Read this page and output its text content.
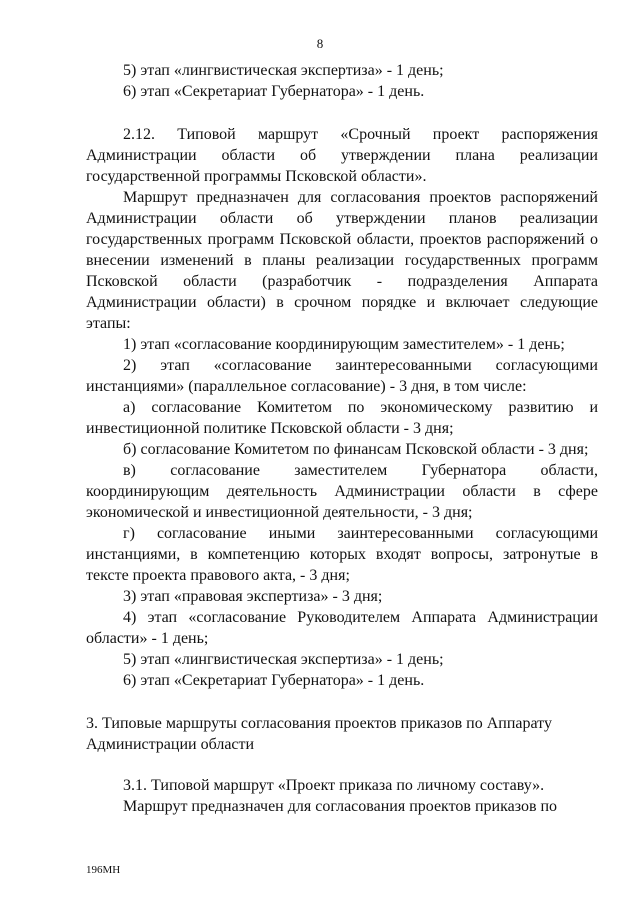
8

5) этап «лингвистическая экспертиза» - 1 день;

6) этап «Секретариат Губернатора» - 1 день.

2.12. Типовой маршрут «Срочный проект распоряжения Администрации области об утверждении плана реализации государственной программы Псковской области».

Маршрут предназначен для согласования проектов распоряжений Администрации области об утверждении планов реализации государственных программ Псковской области, проектов распоряжений о внесении изменений в планы реализации государственных программ Псковской области (разработчик - подразделения Аппарата Администрации области) в срочном порядке и включает следующие этапы:

1) этап «согласование координирующим заместителем» - 1 день;

2) этап «согласование заинтересованными согласующими инстанциями» (параллельное согласование) - 3 дня, в том числе:

а) согласование Комитетом по экономическому развитию и инвестиционной политике Псковской области - 3 дня;

б) согласование Комитетом по финансам Псковской области - 3 дня;

в) согласование заместителем Губернатора области, координирующим деятельность Администрации области в сфере экономической и инвестиционной деятельности, - 3 дня;

г) согласование иными заинтересованными согласующими инстанциями, в компетенцию которых входят вопросы, затронутые в тексте проекта правового акта, - 3 дня;

3) этап «правовая экспертиза» - 3 дня;

4) этап «согласование Руководителем Аппарата Администрации области» - 1 день;

5) этап «лингвистическая экспертиза» - 1 день;

6) этап «Секретариат Губернатора» - 1 день.

3. Типовые маршруты согласования проектов приказов по Аппарату

Администрации области

3.1. Типовой маршрут «Проект приказа по личному составу».

Маршрут предназначен для согласования проектов приказов по

196МН
